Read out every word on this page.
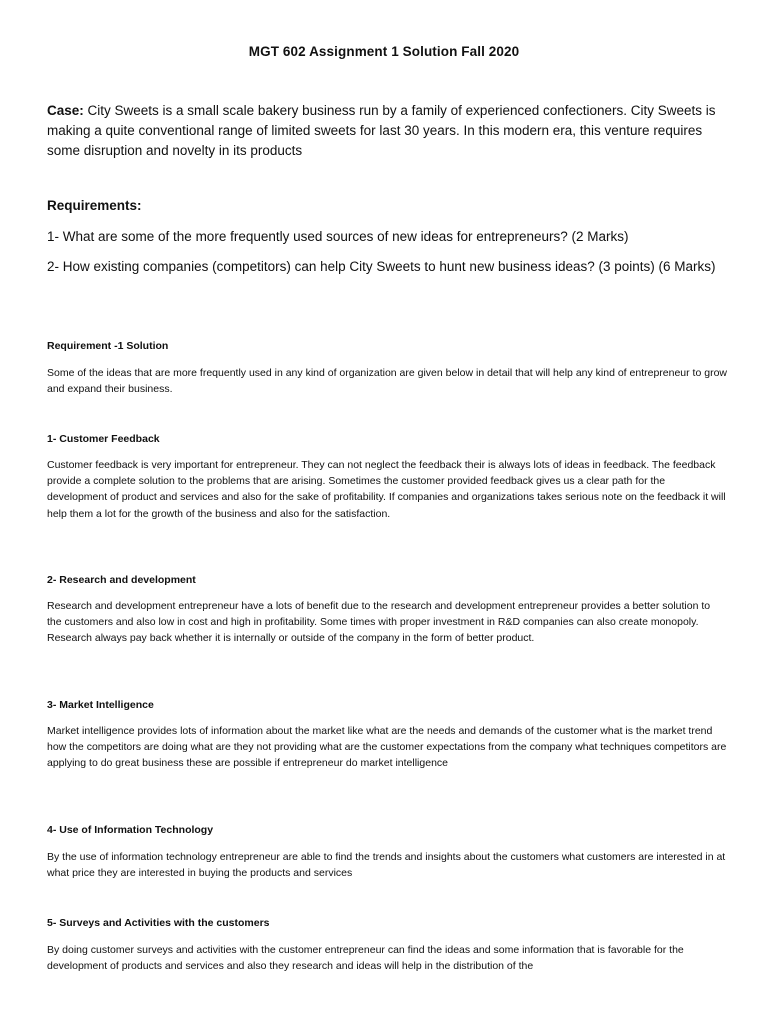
MGT 602 Assignment 1 Solution Fall 2020
Case: City Sweets is a small scale bakery business run by a family of experienced confectioners. City Sweets is making a quite conventional range of limited sweets for last 30 years. In this modern era, this venture requires some disruption and novelty in its products
Requirements:
1- What are some of the more frequently used sources of new ideas for entrepreneurs? (2 Marks)
2- How existing companies (competitors) can help City Sweets to hunt new business ideas? (3 points) (6 Marks)
Requirement -1 Solution
Some of the ideas that are more frequently used in any kind of organization are given below in detail that will help any kind of entrepreneur to grow and expand their business.
1- Customer Feedback
Customer feedback is very important for entrepreneur. They can not neglect the feedback their is always lots of ideas in feedback. The feedback provide a complete solution to the problems that are arising. Sometimes the customer provided feedback gives us a clear path for the development of product and services and also for the sake of profitability. If companies and organizations takes serious note on the feedback it will help them a lot for the growth of the business and also for the satisfaction.
2- Research and development
Research and development entrepreneur have a lots of benefit due to the research and development entrepreneur provides a better solution to the customers and also low in cost and high in profitability. Some times with proper investment in R&D companies can also create monopoly. Research always pay back whether it is internally or outside of the company in the form of better product.
3- Market Intelligence
Market intelligence provides lots of information about the market like what are the needs and demands of the customer what is the market trend how the competitors are doing what are they not providing what are the customer expectations from the company what techniques competitors are applying to do great business these are possible if entrepreneur do market intelligence
4- Use of Information Technology
By the use of information technology entrepreneur are able to find the trends and insights about the customers what customers are interested in at what price they are interested in buying the products and services
5- Surveys and Activities with the customers
By doing customer surveys and activities with the customer entrepreneur can find the ideas and some information that is favorable for the development of products and services and also they research and ideas will help in the distribution of the
